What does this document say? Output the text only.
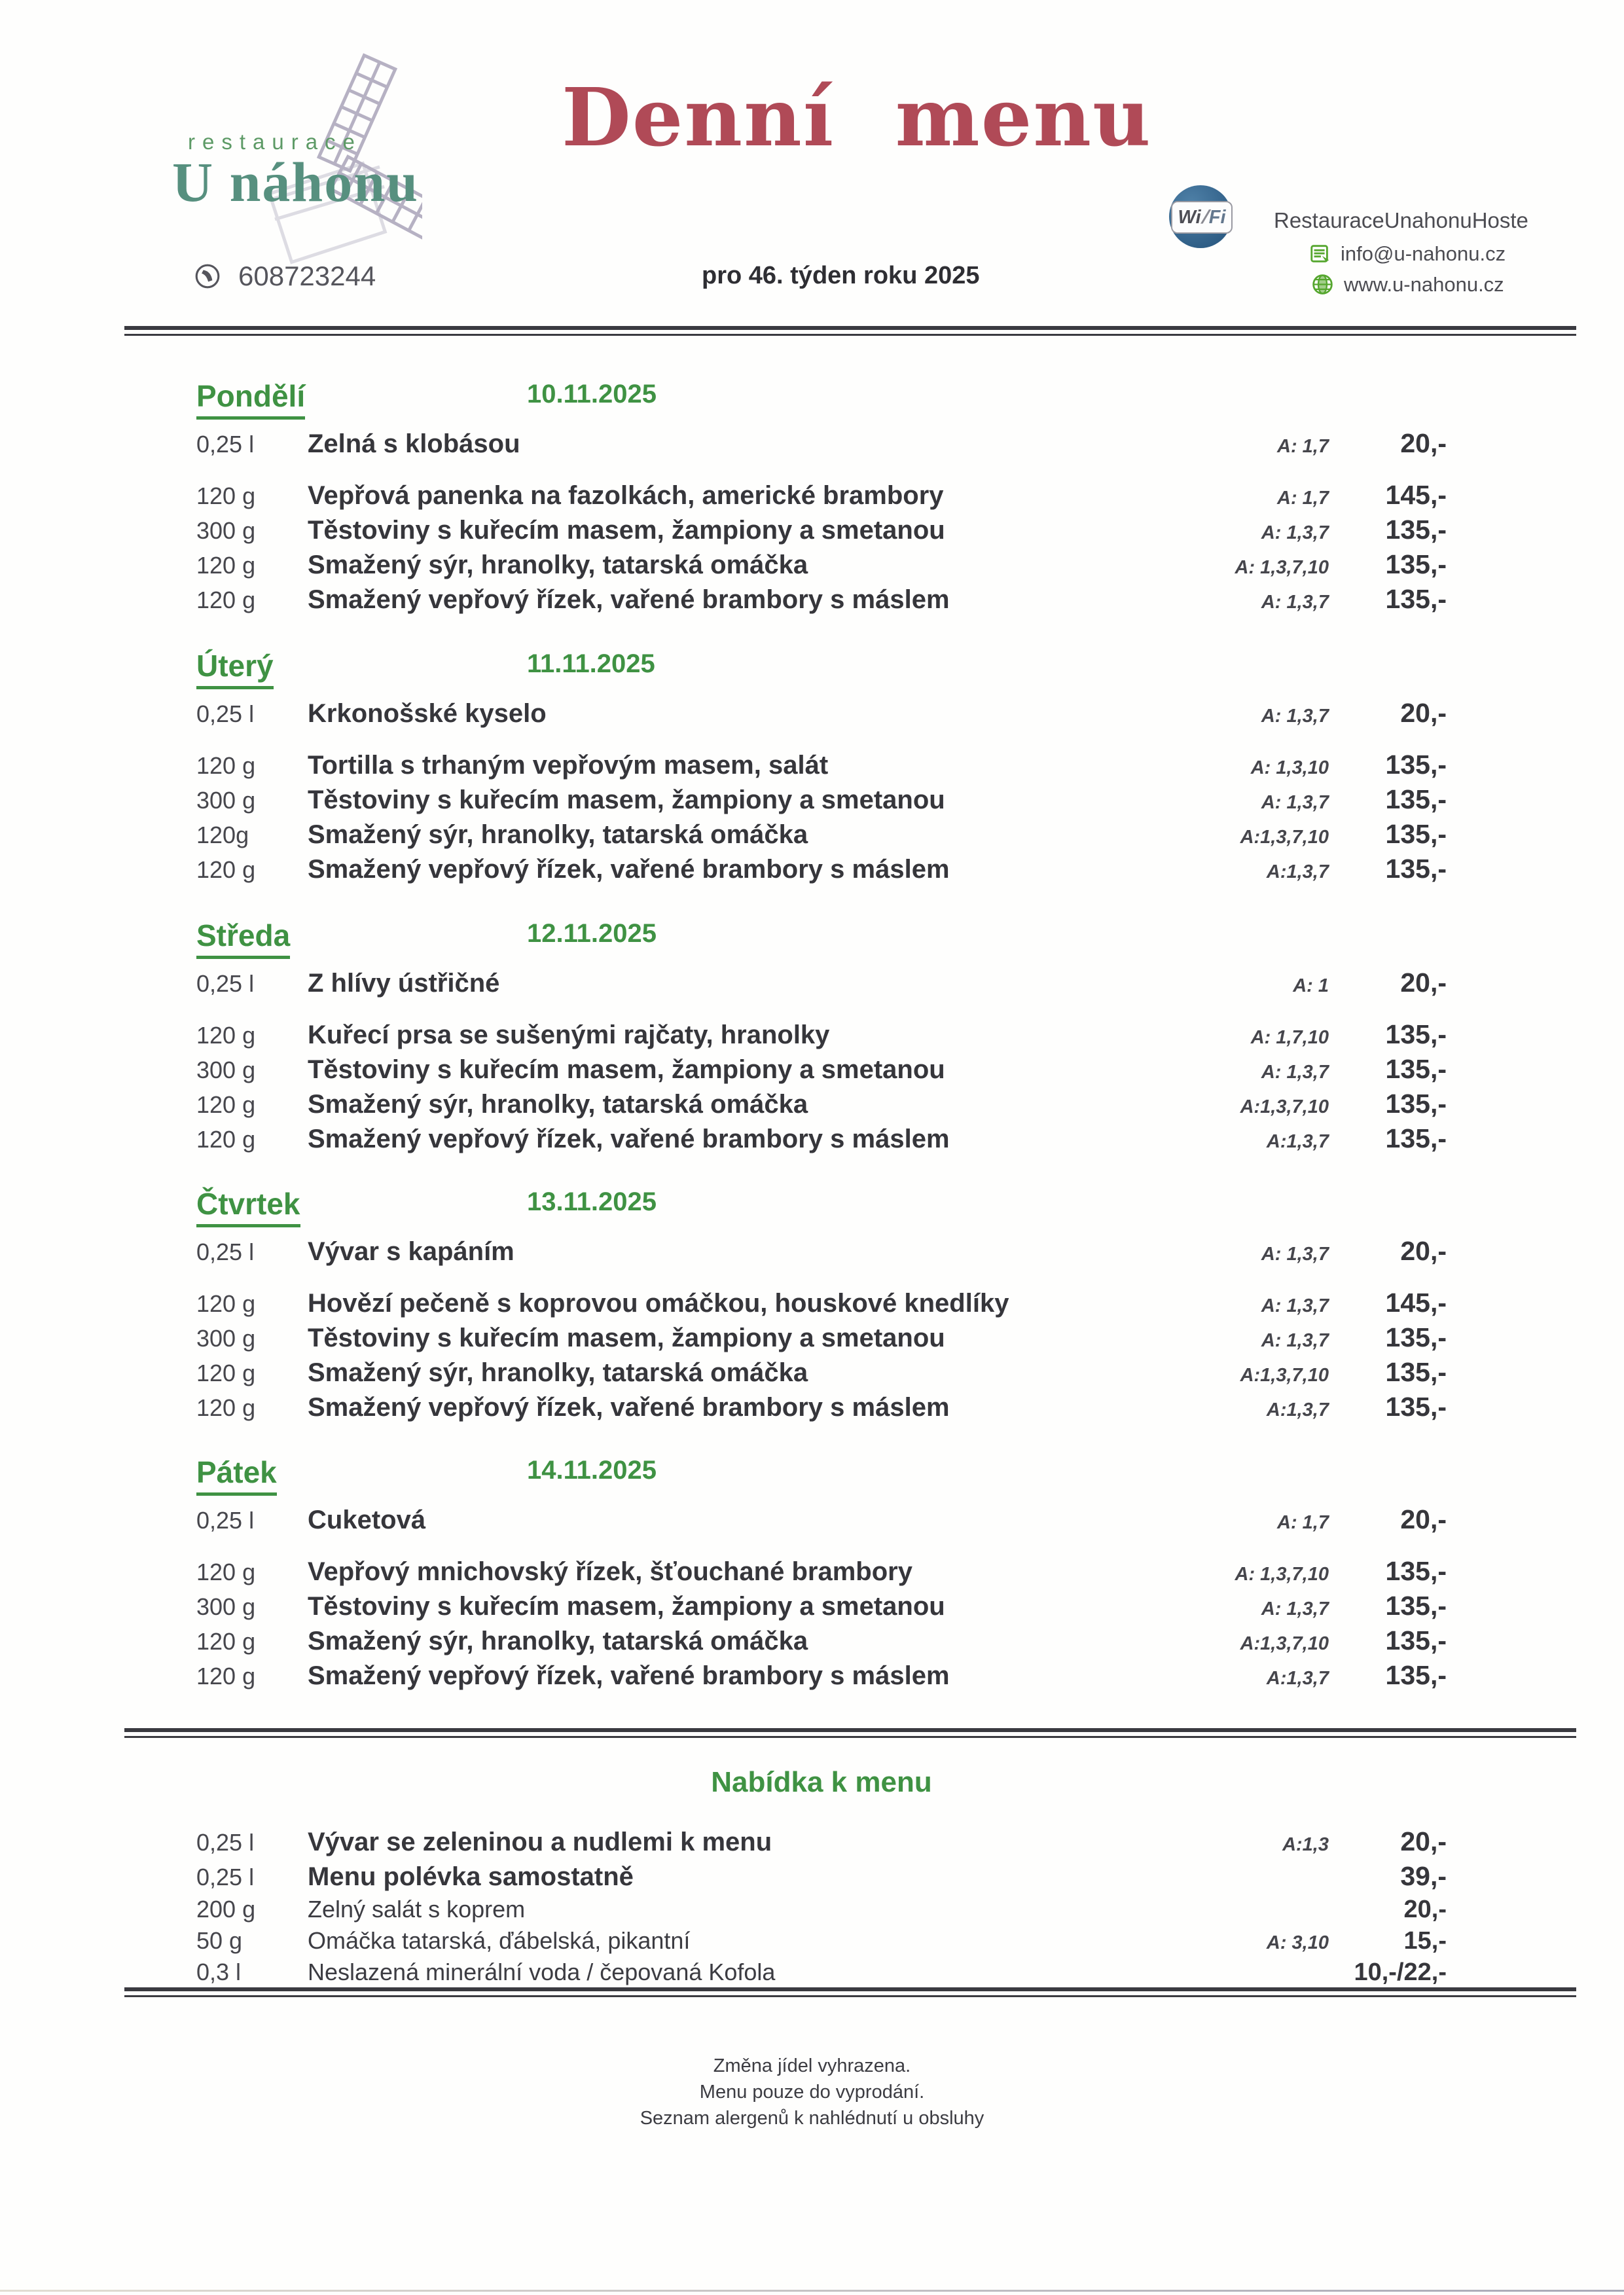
restaurace
U náhonu
Denní menu
608723244	pro 46. týden roku 2025
Wi
/
Fi RestauraceUnahonuHoste
info@u-nahonu.cz
www.u-nahonu.cz
Pondělí	10.11.2025
0,25 l	Zelná s klobásou	A: 1,7	20,-
120 g	Vepřová panenka na fazolkách, americké brambory	A: 1,7	145,-
300 g	Těstoviny s kuřecím masem, žampiony a smetanou	A: 1,3,7	135,-
120 g	Smažený sýr, hranolky, tatarská omáčka	A: 1,3,7,10	135,-
120 g	Smažený vepřový řízek, vařené brambory s máslem	A: 1,3,7	135,-
Úterý	11.11.2025
0,25 l	Krkonošské kyselo	A: 1,3,7	20,-
120 g	Tortilla s trhaným vepřovým masem, salát	A: 1,3,10	135,-
300 g	Těstoviny s kuřecím masem, žampiony a smetanou	A: 1,3,7	135,-
120g	Smažený sýr, hranolky, tatarská omáčka	A:1,3,7,10	135,-
120 g	Smažený vepřový řízek, vařené brambory s máslem	A:1,3,7	135,-
Středa	12.11.2025
0,25 l	Z hlívy ústřičné	A: 1	20,-
120 g	Kuřecí prsa se sušenými rajčaty, hranolky	A: 1,7,10	135,-
300 g	Těstoviny s kuřecím masem, žampiony a smetanou	A: 1,3,7	135,-
120 g	Smažený sýr, hranolky, tatarská omáčka	A:1,3,7,10	135,-
120 g	Smažený vepřový řízek, vařené brambory s máslem	A:1,3,7	135,-
Čtvrtek	13.11.2025
0,25 l	Vývar s kapáním	A: 1,3,7	20,-
120 g	Hovězí pečeně s koprovou omáčkou, houskové knedlíky	A: 1,3,7	145,-
300 g	Těstoviny s kuřecím masem, žampiony a smetanou	A: 1,3,7	135,-
120 g	Smažený sýr, hranolky, tatarská omáčka	A:1,3,7,10	135,-
120 g	Smažený vepřový řízek, vařené brambory s máslem	A:1,3,7	135,-
Pátek	14.11.2025
0,25 l	Cuketová	A: 1,7	20,-
120 g	Vepřový mnichovský řízek, šťouchané brambory	A: 1,3,7,10	135,-
300 g	Těstoviny s kuřecím masem, žampiony a smetanou	A: 1,3,7	135,-
120 g	Smažený sýr, hranolky, tatarská omáčka	A:1,3,7,10	135,-
120 g	Smažený vepřový řízek, vařené brambory s máslem	A:1,3,7	135,-
Nabídka k menu
0,25 l	Vývar se zeleninou a nudlemi k menu	A:1,3	20,-
0,25 l	Menu polévka samostatně	39,-
200 g	Zelný salát s koprem	20,-
50 g	Omáčka tatarská, ďábelská, pikantní	A: 3,10	15,-
0,3 l	Neslazená minerální voda / čepovaná Kofola	10,-/22,-
Změna jídel vyhrazena.
Menu pouze do vyprodání.
Seznam alergenů k nahlédnutí u obsluhy
